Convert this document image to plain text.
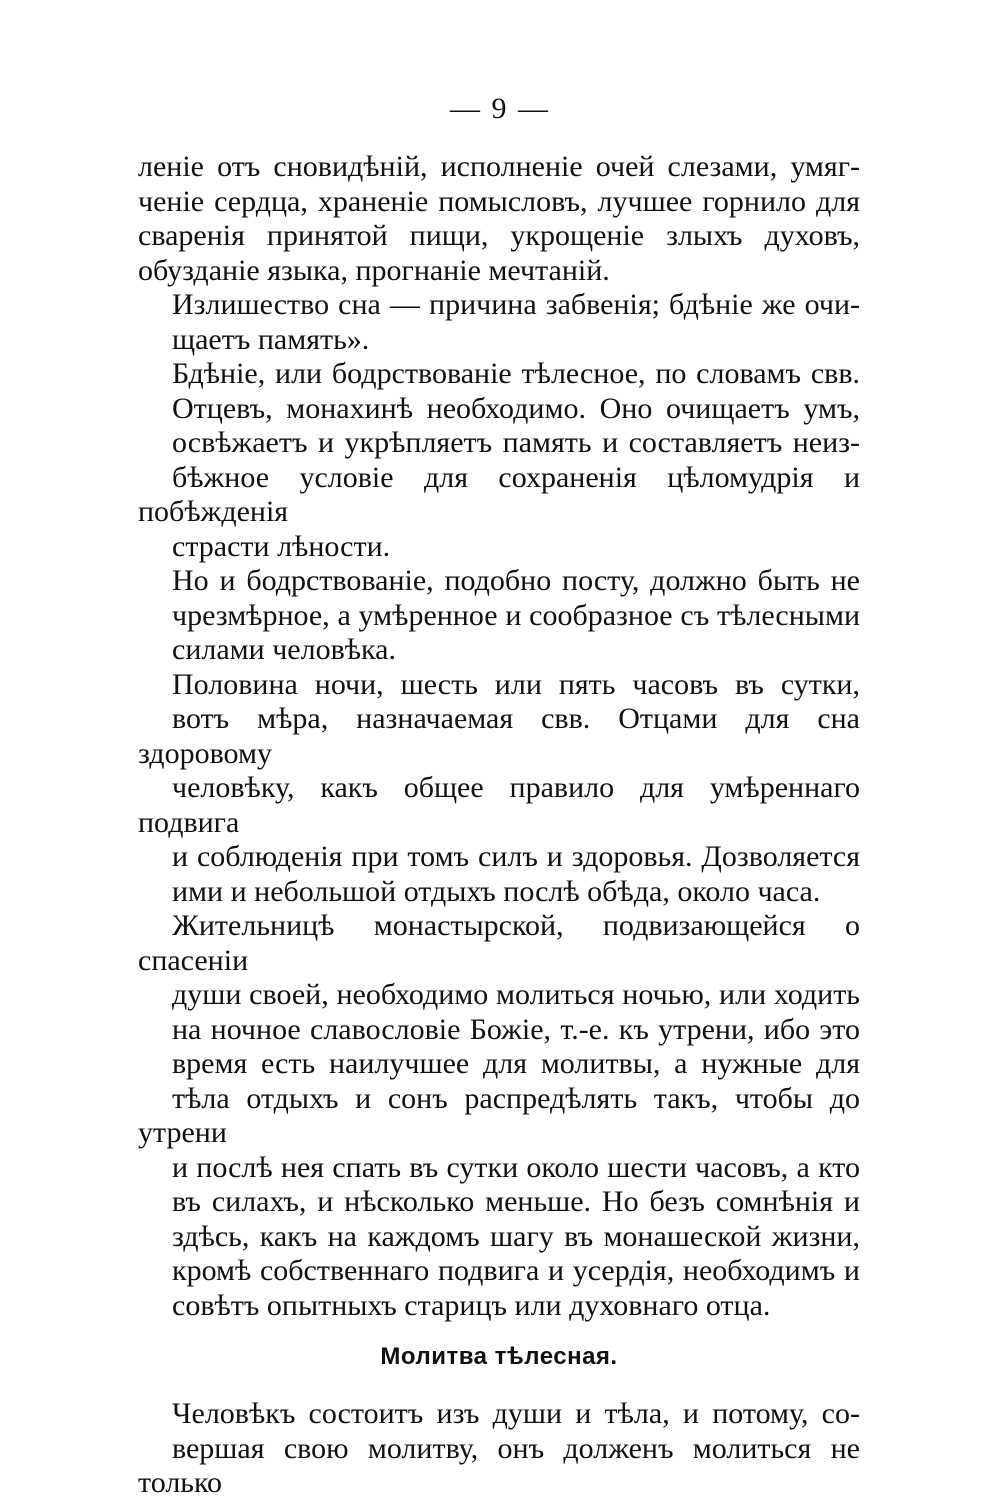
— 9 —

леніе отъ сновидѣній, исполненіе очей слезами, умяг-
ченіе сердца, храненіе помысловъ, лучшее горнило для
сваренія принятой пищи, укрощеніе злыхъ духовъ,
обузданіе языка, прогнаніе мечтаній.

Излишество сна — причина забвенія; бдѣніе же очи-
щаетъ память».

Бдѣніе, или бодрствованіе тѣлесное, по словамъ свв.
Отцевъ, монахинѣ необходимо. Оно очищаетъ умъ,
освѣжаетъ и укрѣпляетъ память и составляетъ неиз-
бѣжное условіе для сохраненія цѣломудрія и побѣжденія
страсти лѣности.

Но и бодрствованіе, подобно посту, должно быть не
чрезмѣрное, а умѣренное и сообразное съ тѣлесными
силами человѣка.

Половина ночи, шесть или пять часовъ въ сутки,
вотъ мѣра, назначаемая свв. Отцами для сна здоровому
человѣку, какъ общее правило для умѣреннаго подвига
и соблюденія при томъ силъ и здоровья. Дозволяется
ими и небольшой отдыхъ послѣ обѣда, около часа.

Жительницѣ монастырской, подвизающейся о спасеніи
души своей, необходимо молиться ночью, или ходить
на ночное славословіе Божіе, т.-е. къ утрени, ибо это
время есть наилучшее для молитвы, а нужные для
тѣла отдыхъ и сонъ распредѣлять такъ, чтобы до утрени
и послѣ нея спать въ сутки около шести часовъ, а кто
въ силахъ, и нѣсколько меньше. Но безъ сомнѣнія и
здѣсь, какъ на каждомъ шагу въ монашеской жизни,
кромѣ собственнаго подвига и усердія, необходимъ и
совѣтъ опытныхъ старицъ или духовнаго отца.

Молитва тѣлесная.

Человѣкъ состоитъ изъ души и тѣла, и потому, со-
вершая свою молитву, онъ долженъ молиться не только
